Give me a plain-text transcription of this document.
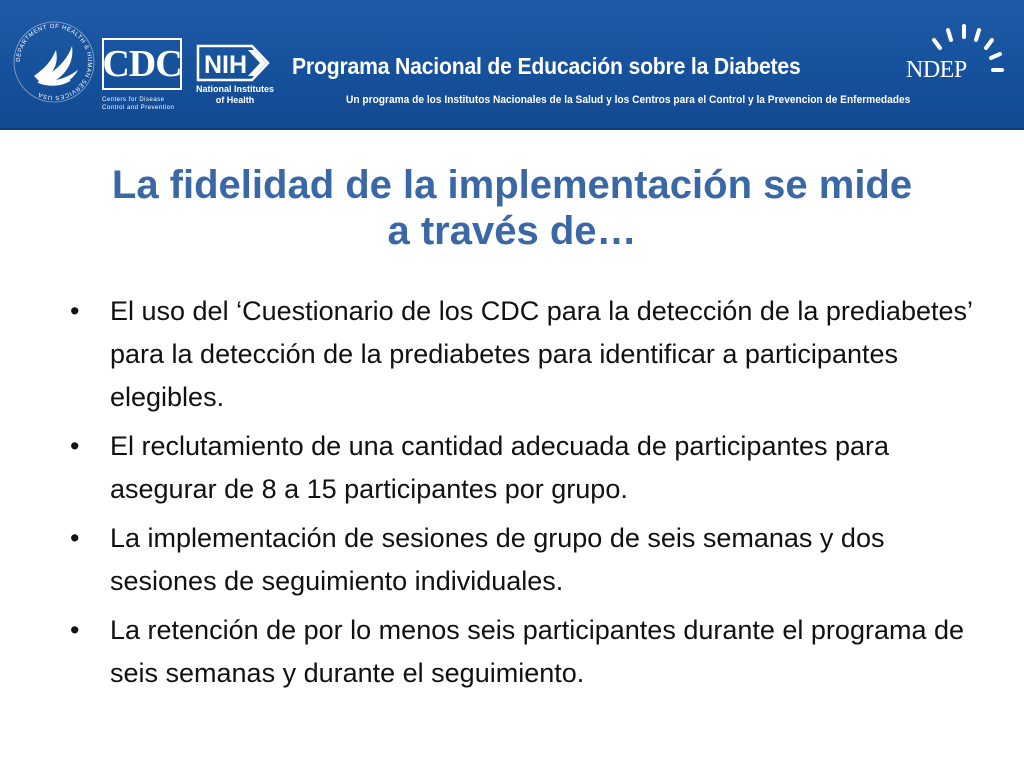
DEPARTMENT OF HEALTH & HUMAN SERVICES USA
CDC
Centers for Disease Control and Prevention
NIH
National Institutes
of Health
Programa Nacional de Educación sobre la Diabetes
Un programa de los Institutos Nacionales de la Salud y los Centros para el Control y la Prevencion de Enfermedades
NDEP
La fidelidad de la implementación se mide
a través de…
• El uso del ‘Cuestionario de los CDC para la detección de la prediabetes’ para la detección de la prediabetes para identificar a participantes elegibles.
• El reclutamiento de una cantidad adecuada de participantes para asegurar de 8 a 15 participantes por grupo.
• La implementación de sesiones de grupo de seis semanas y dos sesiones de seguimiento individuales.
• La retención de por lo menos seis participantes durante el programa de seis semanas y durante el seguimiento.
